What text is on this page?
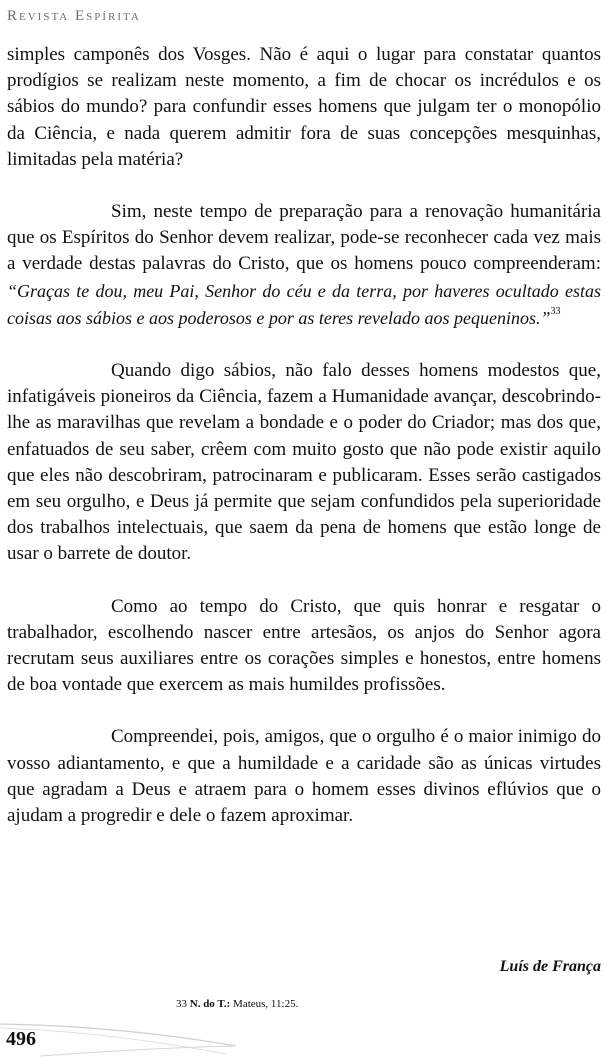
Revista Espírita

simples camponês dos Vosges. Não é aqui o lugar para constatar quantos prodígios se realizam neste momento, a fim de chocar os incrédulos e os sábios do mundo? para confundir esses homens que julgam ter o monopólio da Ciência, e nada querem admitir fora de suas concepções mesquinhas, limitadas pela matéria?

Sim, neste tempo de preparação para a renovação humanitária que os Espíritos do Senhor devem realizar, pode-se reconhecer cada vez mais a verdade destas palavras do Cristo, que os homens pouco compreenderam: “Graças te dou, meu Pai, Senhor do céu e da terra, por haveres ocultado estas coisas aos sábios e aos poderosos e por as teres revelado aos pequeninos.”$^{33}$

Quando digo sábios, não falo desses homens modestos que, infatigáveis pioneiros da Ciência, fazem a Humanidade avançar, descobrindo-lhe as maravilhas que revelam a bondade e o poder do Criador; mas dos que, enfatuados de seu saber, crêem com muito gosto que não pode existir aquilo que eles não descobriram, patrocinaram e publicaram. Esses serão castigados em seu orgulho, e Deus já permite que sejam confundidos pela superioridade dos trabalhos intelectuais, que saem da pena de homens que estão longe de usar o barrete de doutor.

Como ao tempo do Cristo, que quis honrar e resgatar o trabalhador, escolhendo nascer entre artesãos, os anjos do Senhor agora recrutam seus auxiliares entre os corações simples e honestos, entre homens de boa vontade que exercem as mais humildes profissões.

Compreendei, pois, amigos, que o orgulho é o maior inimigo do vosso adiantamento, e que a humildade e a caridade são as únicas virtudes que agradam a Deus e atraem para o homem esses divinos eflúvios que o ajudam a progredir e dele o fazem aproximar.

Luís de França
33 N. do T.: Mateus, 11:25.
496
